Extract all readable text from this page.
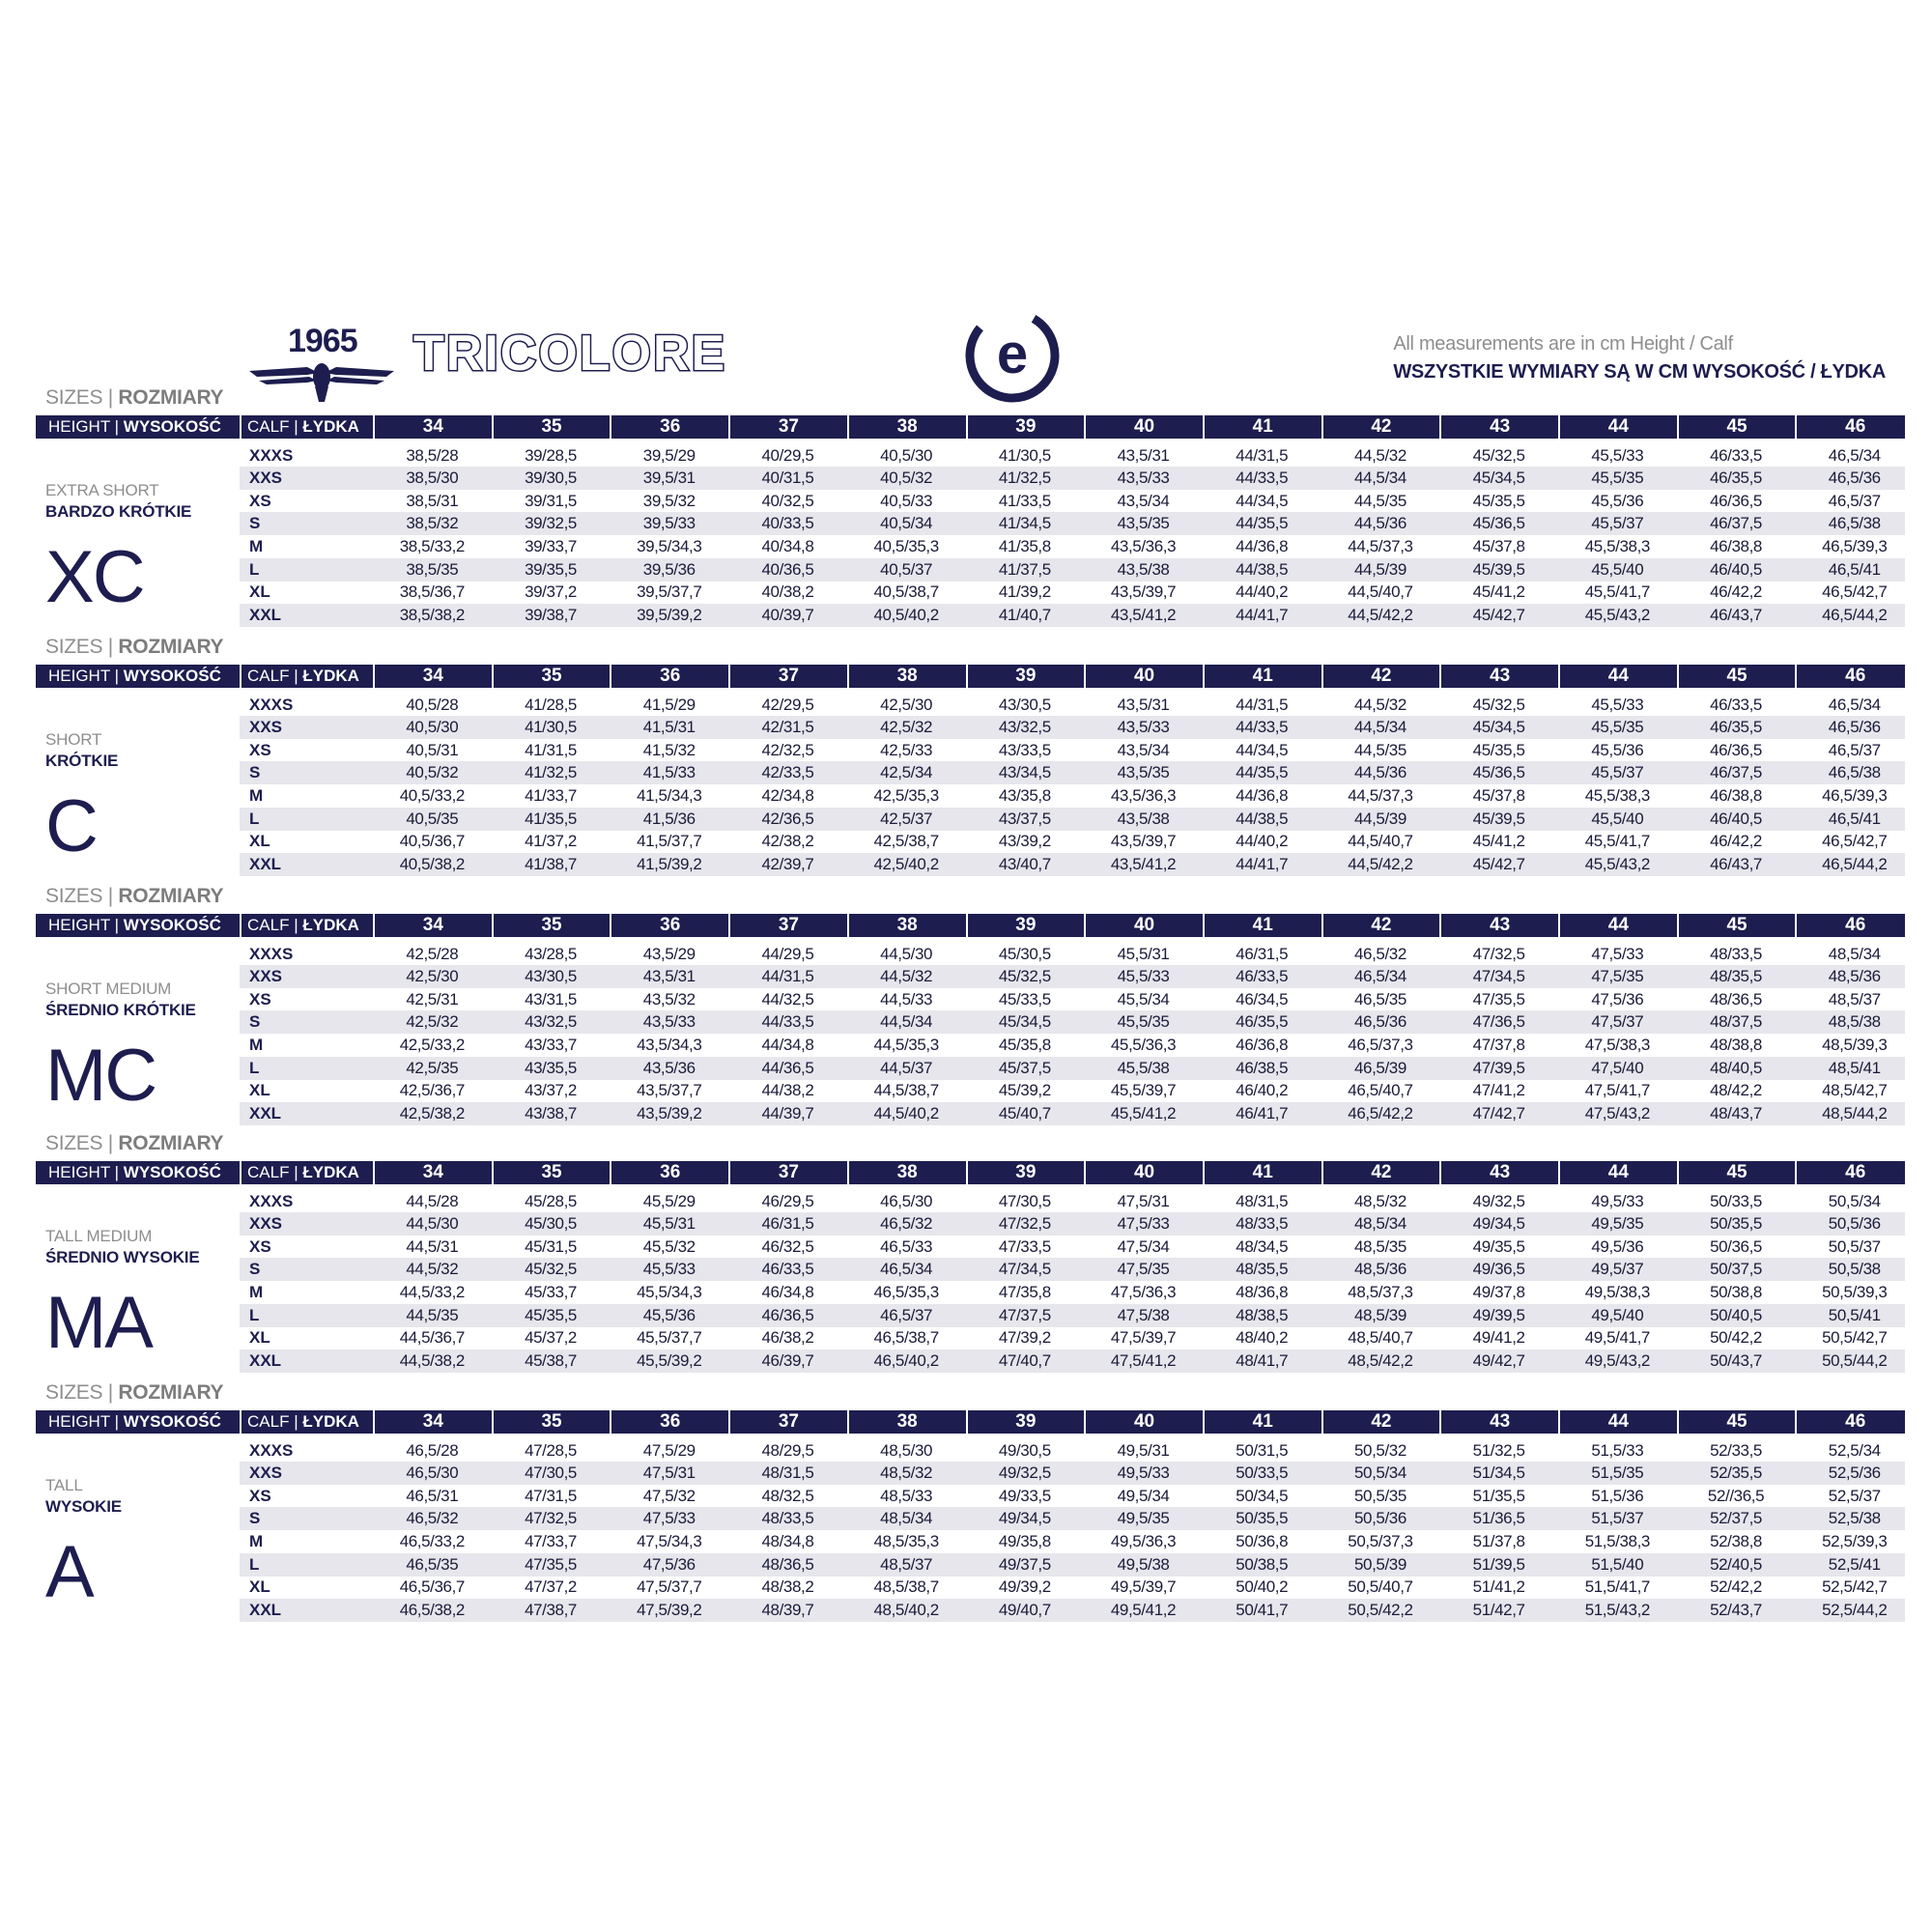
1965 TRICOLORE	e	All measurements are in cm Height / Calf
WSZYSTKIE WYMIARY SĄ W CM WYSOKOŚĆ / ŁYDKA
SIZES | ROZMIARY
HEIGHT | WYSOKOŚĆ	CALF | ŁYDKA	34	35	36	37	38	39	40	41	42	43	44	45	46
EXTRA SHORT
BARDZO KRÓTKIE
XC
XXXS	38,5/28	39/28,5	39,5/29	40/29,5	40,5/30	41/30,5	43,5/31	44/31,5	44,5/32	45/32,5	45,5/33	46/33,5	46,5/34
XXS	38,5/30	39/30,5	39,5/31	40/31,5	40,5/32	41/32,5	43,5/33	44/33,5	44,5/34	45/34,5	45,5/35	46/35,5	46,5/36
XS	38,5/31	39/31,5	39,5/32	40/32,5	40,5/33	41/33,5	43,5/34	44/34,5	44,5/35	45/35,5	45,5/36	46/36,5	46,5/37
S	38,5/32	39/32,5	39,5/33	40/33,5	40,5/34	41/34,5	43,5/35	44/35,5	44,5/36	45/36,5	45,5/37	46/37,5	46,5/38
M	38,5/33,2	39/33,7	39,5/34,3	40/34,8	40,5/35,3	41/35,8	43,5/36,3	44/36,8	44,5/37,3	45/37,8	45,5/38,3	46/38,8	46,5/39,3
L	38,5/35	39/35,5	39,5/36	40/36,5	40,5/37	41/37,5	43,5/38	44/38,5	44,5/39	45/39,5	45,5/40	46/40,5	46,5/41
XL	38,5/36,7	39/37,2	39,5/37,7	40/38,2	40,5/38,7	41/39,2	43,5/39,7	44/40,2	44,5/40,7	45/41,2	45,5/41,7	46/42,2	46,5/42,7
XXL	38,5/38,2	39/38,7	39,5/39,2	40/39,7	40,5/40,2	41/40,7	43,5/41,2	44/41,7	44,5/42,2	45/42,7	45,5/43,2	46/43,7	46,5/44,2
SIZES | ROZMIARY
HEIGHT | WYSOKOŚĆ	CALF | ŁYDKA	34	35	36	37	38	39	40	41	42	43	44	45	46
SHORT
KRÓTKIE
C
XXXS	40,5/28	41/28,5	41,5/29	42/29,5	42,5/30	43/30,5	43,5/31	44/31,5	44,5/32	45/32,5	45,5/33	46/33,5	46,5/34
XXS	40,5/30	41/30,5	41,5/31	42/31,5	42,5/32	43/32,5	43,5/33	44/33,5	44,5/34	45/34,5	45,5/35	46/35,5	46,5/36
XS	40,5/31	41/31,5	41,5/32	42/32,5	42,5/33	43/33,5	43,5/34	44/34,5	44,5/35	45/35,5	45,5/36	46/36,5	46,5/37
S	40,5/32	41/32,5	41,5/33	42/33,5	42,5/34	43/34,5	43,5/35	44/35,5	44,5/36	45/36,5	45,5/37	46/37,5	46,5/38
M	40,5/33,2	41/33,7	41,5/34,3	42/34,8	42,5/35,3	43/35,8	43,5/36,3	44/36,8	44,5/37,3	45/37,8	45,5/38,3	46/38,8	46,5/39,3
L	40,5/35	41/35,5	41,5/36	42/36,5	42,5/37	43/37,5	43,5/38	44/38,5	44,5/39	45/39,5	45,5/40	46/40,5	46,5/41
XL	40,5/36,7	41/37,2	41,5/37,7	42/38,2	42,5/38,7	43/39,2	43,5/39,7	44/40,2	44,5/40,7	45/41,2	45,5/41,7	46/42,2	46,5/42,7
XXL	40,5/38,2	41/38,7	41,5/39,2	42/39,7	42,5/40,2	43/40,7	43,5/41,2	44/41,7	44,5/42,2	45/42,7	45,5/43,2	46/43,7	46,5/44,2
SIZES | ROZMIARY
HEIGHT | WYSOKOŚĆ	CALF | ŁYDKA	34	35	36	37	38	39	40	41	42	43	44	45	46
SHORT MEDIUM
ŚREDNIO KRÓTKIE
MC
XXXS	42,5/28	43/28,5	43,5/29	44/29,5	44,5/30	45/30,5	45,5/31	46/31,5	46,5/32	47/32,5	47,5/33	48/33,5	48,5/34
XXS	42,5/30	43/30,5	43,5/31	44/31,5	44,5/32	45/32,5	45,5/33	46/33,5	46,5/34	47/34,5	47,5/35	48/35,5	48,5/36
XS	42,5/31	43/31,5	43,5/32	44/32,5	44,5/33	45/33,5	45,5/34	46/34,5	46,5/35	47/35,5	47,5/36	48/36,5	48,5/37
S	42,5/32	43/32,5	43,5/33	44/33,5	44,5/34	45/34,5	45,5/35	46/35,5	46,5/36	47/36,5	47,5/37	48/37,5	48,5/38
M	42,5/33,2	43/33,7	43,5/34,3	44/34,8	44,5/35,3	45/35,8	45,5/36,3	46/36,8	46,5/37,3	47/37,8	47,5/38,3	48/38,8	48,5/39,3
L	42,5/35	43/35,5	43,5/36	44/36,5	44,5/37	45/37,5	45,5/38	46/38,5	46,5/39	47/39,5	47,5/40	48/40,5	48,5/41
XL	42,5/36,7	43/37,2	43,5/37,7	44/38,2	44,5/38,7	45/39,2	45,5/39,7	46/40,2	46,5/40,7	47/41,2	47,5/41,7	48/42,2	48,5/42,7
XXL	42,5/38,2	43/38,7	43,5/39,2	44/39,7	44,5/40,2	45/40,7	45,5/41,2	46/41,7	46,5/42,2	47/42,7	47,5/43,2	48/43,7	48,5/44,2
SIZES | ROZMIARY
HEIGHT | WYSOKOŚĆ	CALF | ŁYDKA	34	35	36	37	38	39	40	41	42	43	44	45	46
TALL MEDIUM
ŚREDNIO WYSOKIE
MA
XXXS	44,5/28	45/28,5	45,5/29	46/29,5	46,5/30	47/30,5	47,5/31	48/31,5	48,5/32	49/32,5	49,5/33	50/33,5	50,5/34
XXS	44,5/30	45/30,5	45,5/31	46/31,5	46,5/32	47/32,5	47,5/33	48/33,5	48,5/34	49/34,5	49,5/35	50/35,5	50,5/36
XS	44,5/31	45/31,5	45,5/32	46/32,5	46,5/33	47/33,5	47,5/34	48/34,5	48,5/35	49/35,5	49,5/36	50/36,5	50,5/37
S	44,5/32	45/32,5	45,5/33	46/33,5	46,5/34	47/34,5	47,5/35	48/35,5	48,5/36	49/36,5	49,5/37	50/37,5	50,5/38
M	44,5/33,2	45/33,7	45,5/34,3	46/34,8	46,5/35,3	47/35,8	47,5/36,3	48/36,8	48,5/37,3	49/37,8	49,5/38,3	50/38,8	50,5/39,3
L	44,5/35	45/35,5	45,5/36	46/36,5	46,5/37	47/37,5	47,5/38	48/38,5	48,5/39	49/39,5	49,5/40	50/40,5	50,5/41
XL	44,5/36,7	45/37,2	45,5/37,7	46/38,2	46,5/38,7	47/39,2	47,5/39,7	48/40,2	48,5/40,7	49/41,2	49,5/41,7	50/42,2	50,5/42,7
XXL	44,5/38,2	45/38,7	45,5/39,2	46/39,7	46,5/40,2	47/40,7	47,5/41,2	48/41,7	48,5/42,2	49/42,7	49,5/43,2	50/43,7	50,5/44,2
SIZES | ROZMIARY
HEIGHT | WYSOKOŚĆ	CALF | ŁYDKA	34	35	36	37	38	39	40	41	42	43	44	45	46
TALL
WYSOKIE
A
XXXS	46,5/28	47/28,5	47,5/29	48/29,5	48,5/30	49/30,5	49,5/31	50/31,5	50,5/32	51/32,5	51,5/33	52/33,5	52,5/34
XXS	46,5/30	47/30,5	47,5/31	48/31,5	48,5/32	49/32,5	49,5/33	50/33,5	50,5/34	51/34,5	51,5/35	52/35,5	52,5/36
XS	46,5/31	47/31,5	47,5/32	48/32,5	48,5/33	49/33,5	49,5/34	50/34,5	50,5/35	51/35,5	51,5/36	52//36,5	52,5/37
S	46,5/32	47/32,5	47,5/33	48/33,5	48,5/34	49/34,5	49,5/35	50/35,5	50,5/36	51/36,5	51,5/37	52/37,5	52,5/38
M	46,5/33,2	47/33,7	47,5/34,3	48/34,8	48,5/35,3	49/35,8	49,5/36,3	50/36,8	50,5/37,3	51/37,8	51,5/38,3	52/38,8	52,5/39,3
L	46,5/35	47/35,5	47,5/36	48/36,5	48,5/37	49/37,5	49,5/38	50/38,5	50,5/39	51/39,5	51,5/40	52/40,5	52,5/41
XL	46,5/36,7	47/37,2	47,5/37,7	48/38,2	48,5/38,7	49/39,2	49,5/39,7	50/40,2	50,5/40,7	51/41,2	51,5/41,7	52/42,2	52,5/42,7
XXL	46,5/38,2	47/38,7	47,5/39,2	48/39,7	48,5/40,2	49/40,7	49,5/41,2	50/41,7	50,5/42,2	51/42,7	51,5/43,2	52/43,7	52,5/44,2
